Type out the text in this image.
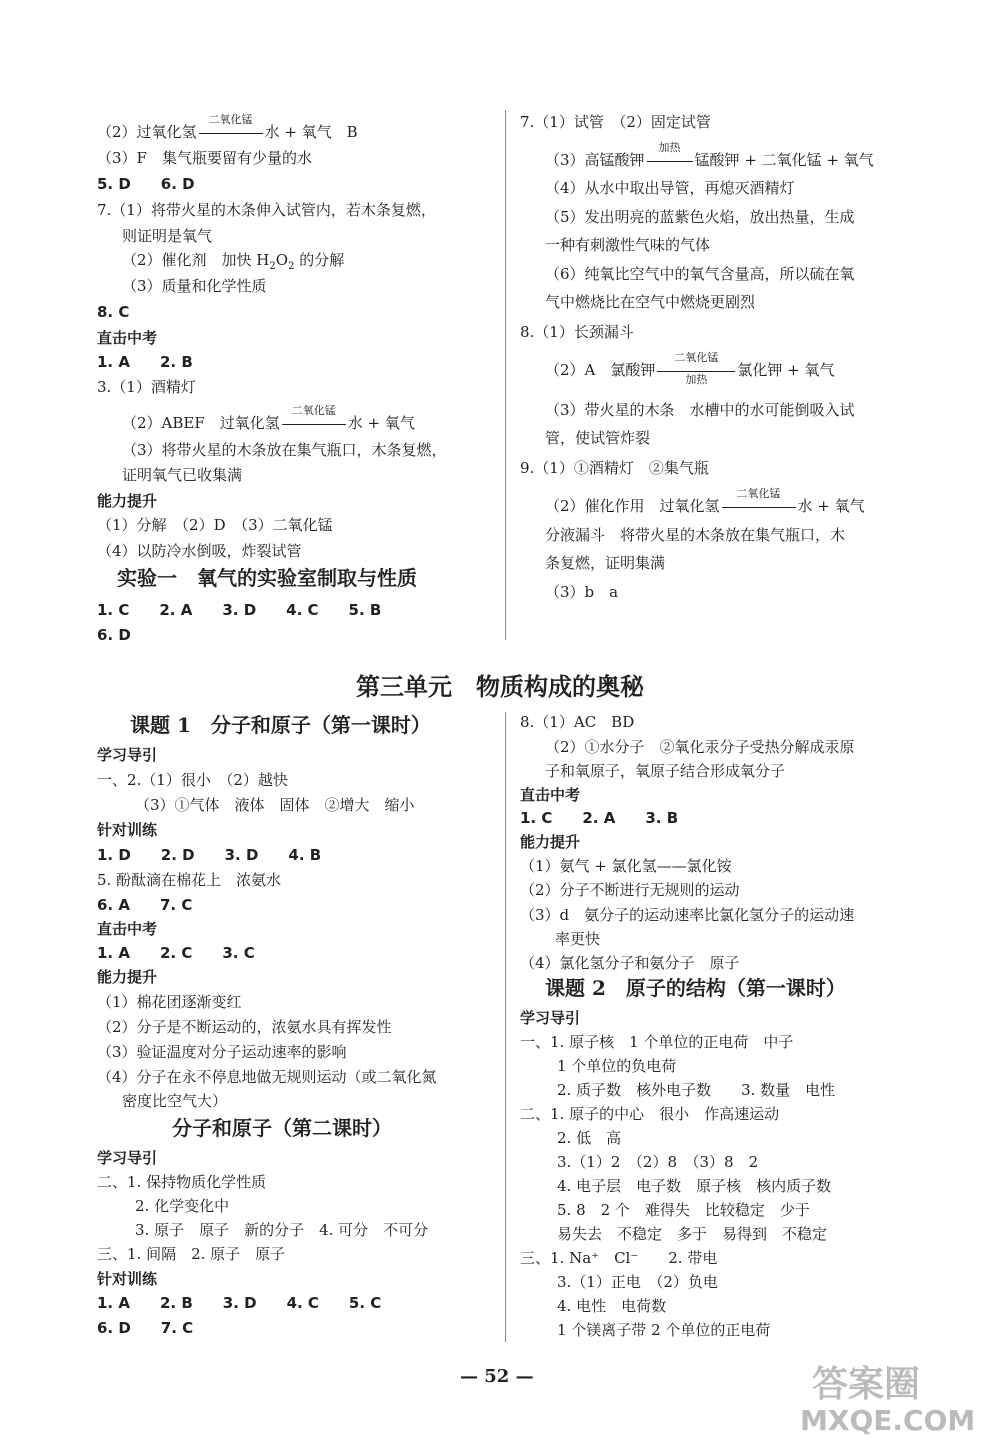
（2）过氧化氢
二氧化锰
水 + 氧气　B
（3）F　集气瓶要留有少量的水
5. D　　6. D
7.（1）将带火星的木条伸入试管内，若木条复燃，
则证明是氧气
（2）催化剂　加快 $H_2O_2$ 的分解
（3）质量和化学性质
8. C
直击中考
1. A　　2. B
3.（1）酒精灯
（2）ABEF　过氧化氢
二氧化锰
水 + 氧气
（3）将带火星的木条放在集气瓶口，木条复燃，
证明氧气已收集满
能力提升
（1）分解　（2）D　（3）二氧化锰
（4）以防冷水倒吸，炸裂试管
实验一　氧气的实验室制取与性质
1. C　　2. A　　3. D　　4. C　　5. B
6. D
7.（1）试管　（2）固定试管
（3）高锰酸钾
加热
锰酸钾 + 二氧化锰 + 氧气
（4）从水中取出导管，再熄灭酒精灯
（5）发出明亮的蓝紫色火焰，放出热量，生成
一种有刺激性气味的气体
（6）纯氧比空气中的氧气含量高，所以硫在氧
气中燃烧比在空气中燃烧更剧烈
8.（1）长颈漏斗
（2）A　氯酸钾
二氧化锰
加热
氯化钾 + 氧气
（3）带火星的木条　水槽中的水可能倒吸入试
管，使试管炸裂
9.（1）①酒精灯　②集气瓶
（2）催化作用　过氧化氢
二氧化锰
水 + 氧气
分液漏斗　将带火星的木条放在集气瓶口，木
条复燃，证明集满
（3）b　a
第三单元　物质构成的奥秘
课题 1　分子和原子（第一课时）
学习导引
一、2.（1）很小　（2）越快
（3）①气体　液体　固体　②增大　缩小
针对训练
1. D　　2. D　　3. D　　4. B
5. 酚酞滴在棉花上　浓氨水
6. A　　7. C
直击中考
1. A　　2. C　　3. C
能力提升
（1）棉花团逐渐变红
（2）分子是不断运动的，浓氨水具有挥发性
（3）验证温度对分子运动速率的影响
（4）分子在永不停息地做无规则运动（或二氧化氮
密度比空气大）
分子和原子（第二课时）
学习导引
二、1. 保持物质化学性质
2. 化学变化中
3. 原子　原子　新的分子　4. 可分　不可分
三、1. 间隔　2. 原子　原子
针对训练
1. A　　2. B　　3. D　　4. C　　5. C
6. D　　7. C
8.（1）AC　BD
（2）①水分子　②氧化汞分子受热分解成汞原
子和氧原子，氧原子结合形成氧分子
直击中考
1. C　　2. A　　3. B
能力提升
（1）氨气 + 氯化氢——氯化铵
（2）分子不断进行无规则的运动
（3）d　氨分子的运动速率比氯化氢分子的运动速
率更快
（4）氯化氢分子和氨分子　原子
课题 2　原子的结构（第一课时）
学习导引
一、1. 原子核　1 个单位的正电荷　中子
1 个单位的负电荷
2. 质子数　核外电子数　　3. 数量　电性
二、1. 原子的中心　很小　作高速运动
2. 低　高
3.（1）2　（2）8　（3）8　2
4. 电子层　电子数　原子核　核内质子数
5. 8　2 个　难得失　比较稳定　少于
易失去　不稳定　多于　易得到　不稳定
三、1. Na⁺　Cl⁻　　2. 带电
3.（1）正电　（2）负电
4. 电性　电荷数
1 个镁离子带 2 个单位的正电荷
— 52 —	答案圈
MXQE.COM
